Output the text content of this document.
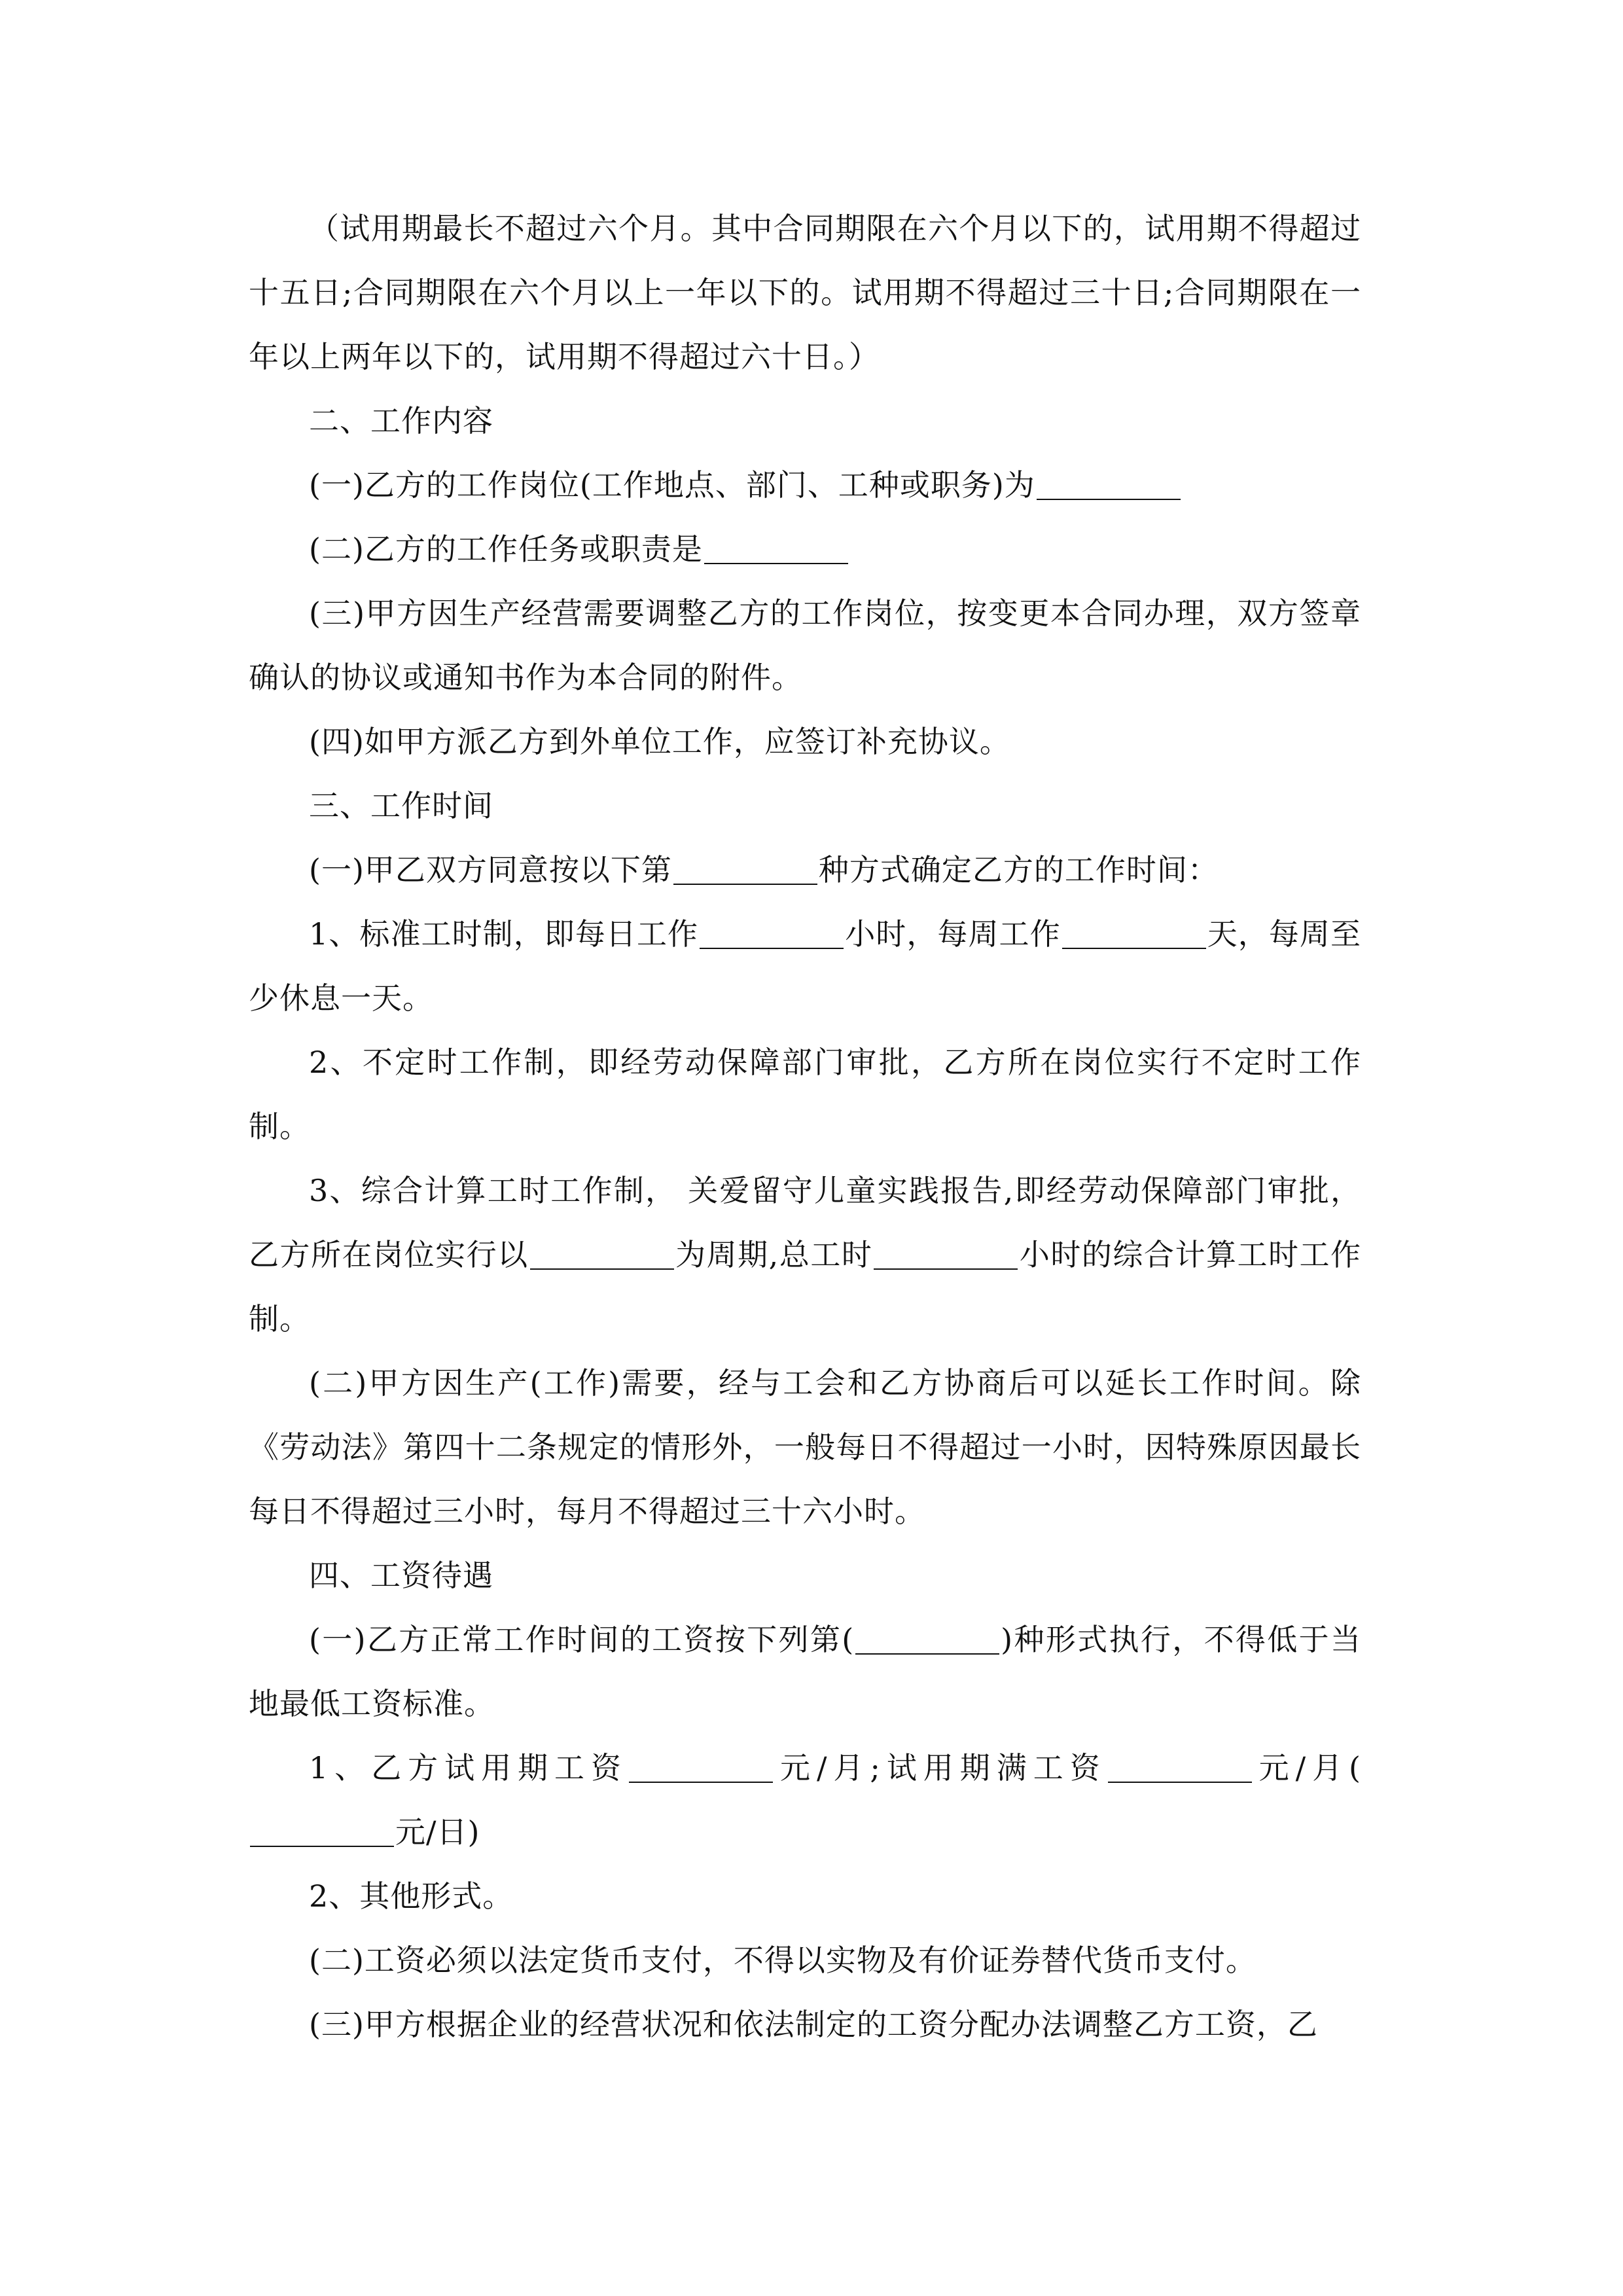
（试用期最长不超过六个月。其中合同期限在六个月以下的，试用期不得超过十五日;合同期限在六个月以上一年以下的。试用期不得超过三十日;合同期限在一年以上两年以下的，试用期不得超过六十日。）

二、工作内容

(一)乙方的工作岗位(工作地点、部门、工种或职务)为

(二)乙方的工作任务或职责是

(三)甲方因生产经营需要调整乙方的工作岗位，按变更本合同办理，双方签章确认的协议或通知书作为本合同的附件。

(四)如甲方派乙方到外单位工作，应签订补充协议。

三、工作时间

(一)甲乙双方同意按以下第	种方式确定乙方的工作时间：

1、标准工时制，即每日工作	小时，每周工作	天，每周至少休息一天。

2、不定时工作制，即经劳动保障部门审批，乙方所在岗位实行不定时工作制。

3、综合计算工时工作制， 关爱留守儿童实践报告,即经劳动保障部门审批，乙方所在岗位实行以	为周期,总工时	小时的综合计算工时工作制。

(二)甲方因生产(工作)需要，经与工会和乙方协商后可以延长工作时间。除《劳动法》第四十二条规定的情形外，一般每日不得超过一小时，因特殊原因最长每日不得超过三小时，每月不得超过三十六小时。

四、工资待遇

(一)乙方正常工作时间的工资按下列第(	)种形式执行，不得低于当地最低工资标准。

1、乙方试用期工资	元/月;试用期满工资	元/月(元/日)

2、其他形式。

(二)工资必须以法定货币支付，不得以实物及有价证券替代货币支付。

(三)甲方根据企业的经营状况和依法制定的工资分配办法调整乙方工资，乙
